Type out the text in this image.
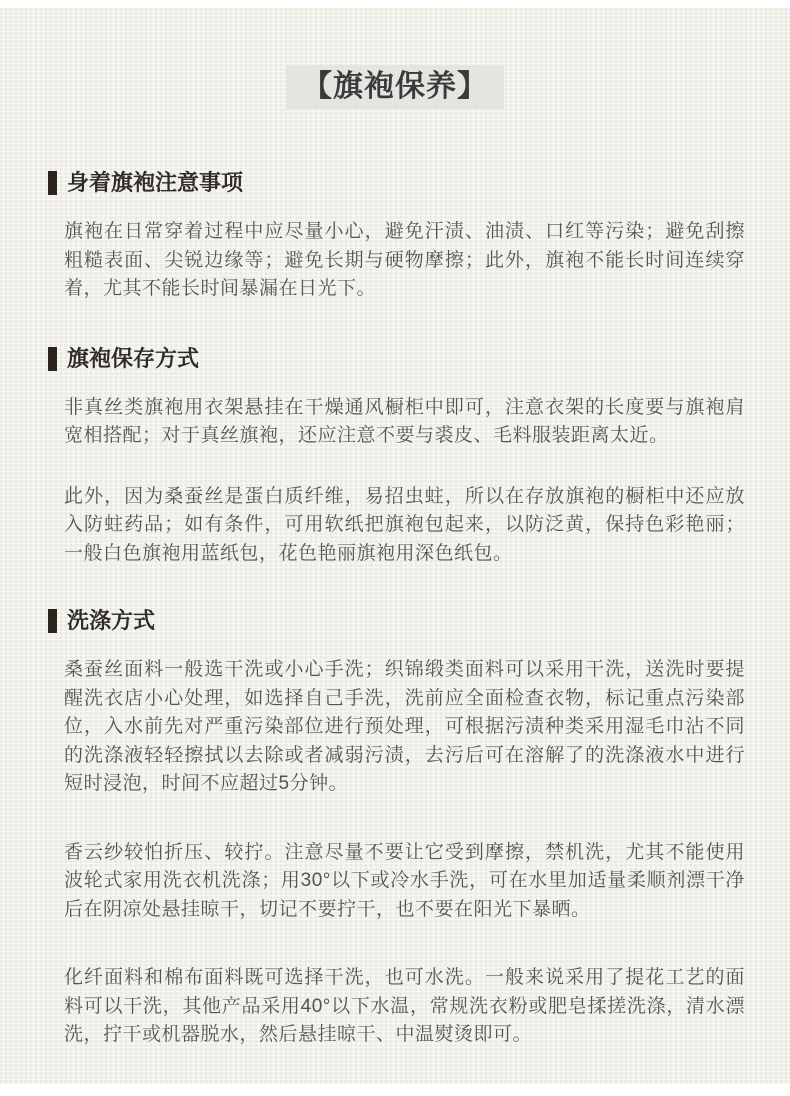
【旗袍保养】
身着旗袍注意事项

旗袍在日常穿着过程中应尽量小心，避免汗渍、油渍、口红等污染；避免刮擦粗糙表面、尖锐边缘等；避免长期与硬物摩擦；此外，旗袍不能长时间连续穿着，尤其不能长时间暴漏在日光下。

旗袍保存方式

非真丝类旗袍用衣架悬挂在干燥通风橱柜中即可，注意衣架的长度要与旗袍肩宽相搭配；对于真丝旗袍，还应注意不要与裘皮、毛料服装距离太近。

此外，因为桑蚕丝是蛋白质纤维，易招虫蛀，所以在存放旗袍的橱柜中还应放入防蛀药品；如有条件，可用软纸把旗袍包起来，以防泛黄，保持色彩艳丽；一般白色旗袍用蓝纸包，花色艳丽旗袍用深色纸包。

洗涤方式

桑蚕丝面料一般选干洗或小心手洗；织锦缎类面料可以采用干洗，送洗时要提醒洗衣店小心处理，如选择自己手洗，洗前应全面检查衣物，标记重点污染部位，入水前先对严重污染部位进行预处理，可根据污渍种类采用湿毛巾沾不同的洗涤液轻轻擦拭以去除或者减弱污渍，去污后可在溶解了的洗涤液水中进行短时浸泡，时间不应超过5分钟。

香云纱较怕折压、较拧。注意尽量不要让它受到摩擦，禁机洗，尤其不能使用波轮式家用洗衣机洗涤；用30°以下或冷水手洗，可在水里加适量柔顺剂漂干净后在阴凉处悬挂晾干，切记不要拧干，也不要在阳光下暴晒。

化纤面料和棉布面料既可选择干洗，也可水洗。一般来说采用了提花工艺的面料可以干洗，其他产品采用40°以下水温，常规洗衣粉或肥皂揉搓洗涤，清水漂洗，拧干或机器脱水，然后悬挂晾干、中温熨烫即可。
